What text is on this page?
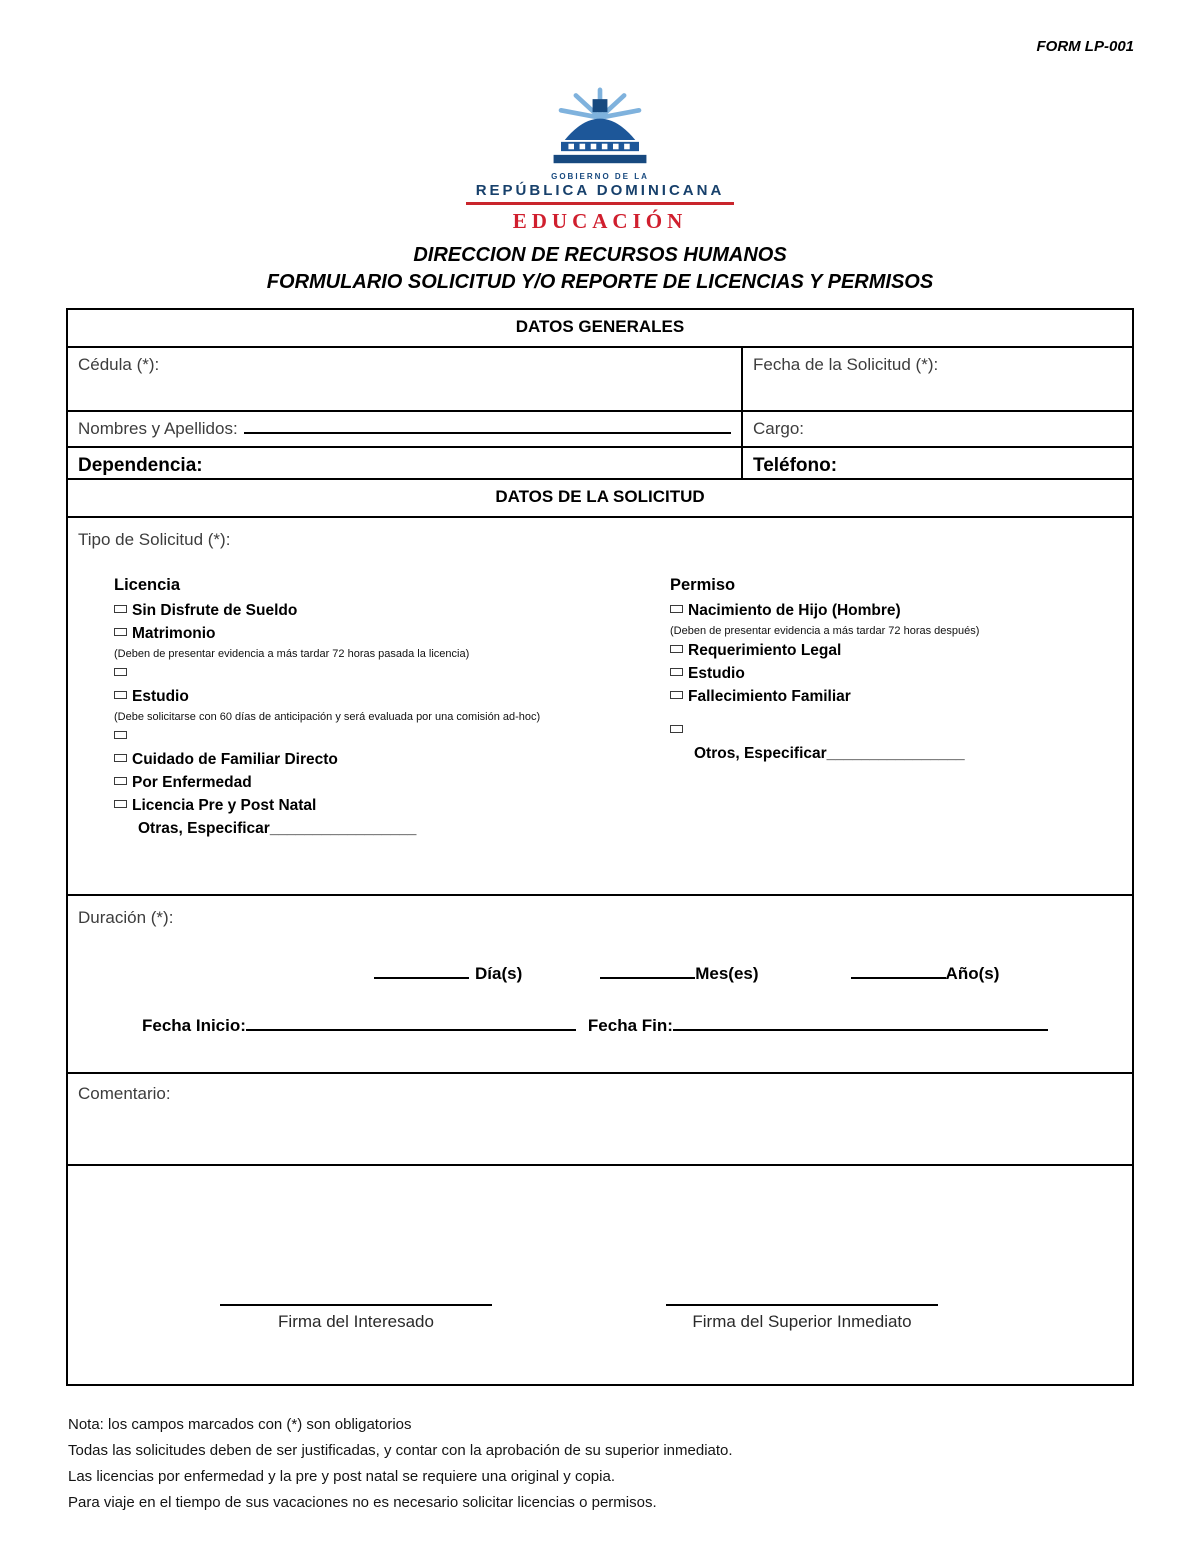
FORM LP-001
GOBIERNO DE LA
REPÚBLICA DOMINICANA
EDUCACIÓN
DIRECCION DE RECURSOS HUMANOS
FORMULARIO SOLICITUD Y/O REPORTE DE LICENCIAS Y PERMISOS
DATOS GENERALES
Cédula (*):	Fecha de la Solicitud (*):
Nombres y Apellidos:	Cargo:
Dependencia:	Teléfono:
DATOS DE LA SOLICITUD
Tipo de Solicitud (*):
Licencia
Sin Disfrute de Sueldo
Matrimonio
(Deben de presentar evidencia a más tardar 72 horas pasada la licencia)
Estudio
(Debe solicitarse con 60 días de anticipación y será evaluada por una comisión ad-hoc)
Cuidado de Familiar Directo
Por Enfermedad
Licencia Pre y Post Natal
Otras, Especificar_________________
Permiso
Nacimiento de Hijo (Hombre)
(Deben de presentar evidencia a más tardar 72 horas después)
Requerimiento Legal
Estudio
Fallecimiento Familiar
Otros, Especificar________________
Duración (*):
Día(s)	Mes(es)	Año(s)
Fecha Inicio:	Fecha Fin:
Comentario:
Firma del Interesado	Firma del Superior Inmediato
Nota: los campos marcados con (*) son obligatorios
Todas las solicitudes deben de ser justificadas, y contar con la aprobación de su superior inmediato.
Las licencias por enfermedad y la pre y post natal se requiere una original y copia.
Para viaje en el tiempo de sus vacaciones no es necesario solicitar licencias o permisos.
